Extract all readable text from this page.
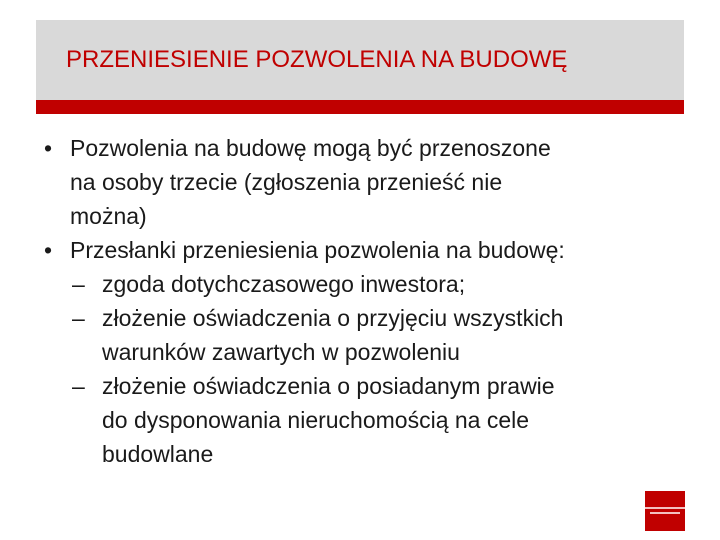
PRZENIESIENIE POZWOLENIA NA BUDOWĘ
• Pozwolenia na budowę mogą być przenoszone
na osoby trzecie (zgłoszenia przenieść nie
można)
• Przesłanki przeniesienia pozwolenia na budowę:
– zgoda dotychczasowego inwestora;
– złożenie oświadczenia o przyjęciu wszystkich
warunków zawartych w pozwoleniu
– złożenie oświadczenia o posiadanym prawie
do dysponowania nieruchomością na cele
budowlane
